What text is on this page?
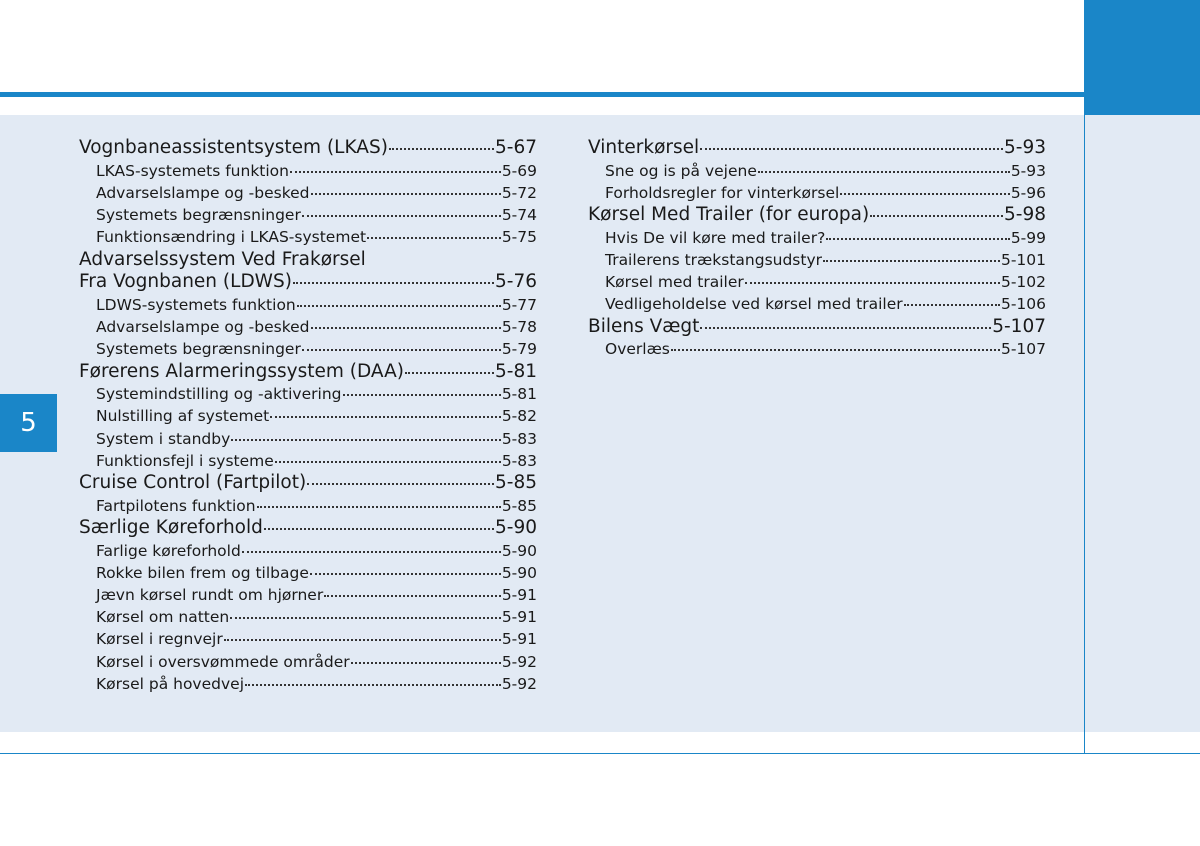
5
Vognbaneassistentsystem (LKAS)	5-67
LKAS-systemets funktion	5-69
Advarselslampe og -besked	5-72
Systemets begrænsninger	5-74
Funktionsændring i LKAS-systemet	5-75
Advarselssystem Ved Frakørsel
Fra Vognbanen (LDWS)	5-76
LDWS-systemets funktion	5-77
Advarselslampe og -besked	5-78
Systemets begrænsninger	5-79
Førerens Alarmeringssystem (DAA)	5-81
Systemindstilling og -aktivering	5-81
Nulstilling af systemet	5-82
System i standby	5-83
Funktionsfejl i systeme	5-83
Cruise Control (Fartpilot)	5-85
Fartpilotens funktion	5-85
Særlige Køreforhold	5-90
Farlige køreforhold	5-90
Rokke bilen frem og tilbage	5-90
Jævn kørsel rundt om hjørner	5-91
Kørsel om natten	5-91
Kørsel i regnvejr	5-91
Kørsel i oversvømmede områder	5-92
Kørsel på hovedvej	5-92
Vinterkørsel	5-93
Sne og is på vejene	5-93
Forholdsregler for vinterkørsel	5-96
Kørsel Med Trailer (for europa)	5-98
Hvis De vil køre med trailer?	5-99
Trailerens trækstangsudstyr	5-101
Kørsel med trailer	5-102
Vedligeholdelse ved kørsel med trailer	5-106
Bilens Vægt	5-107
Overlæs	5-107
